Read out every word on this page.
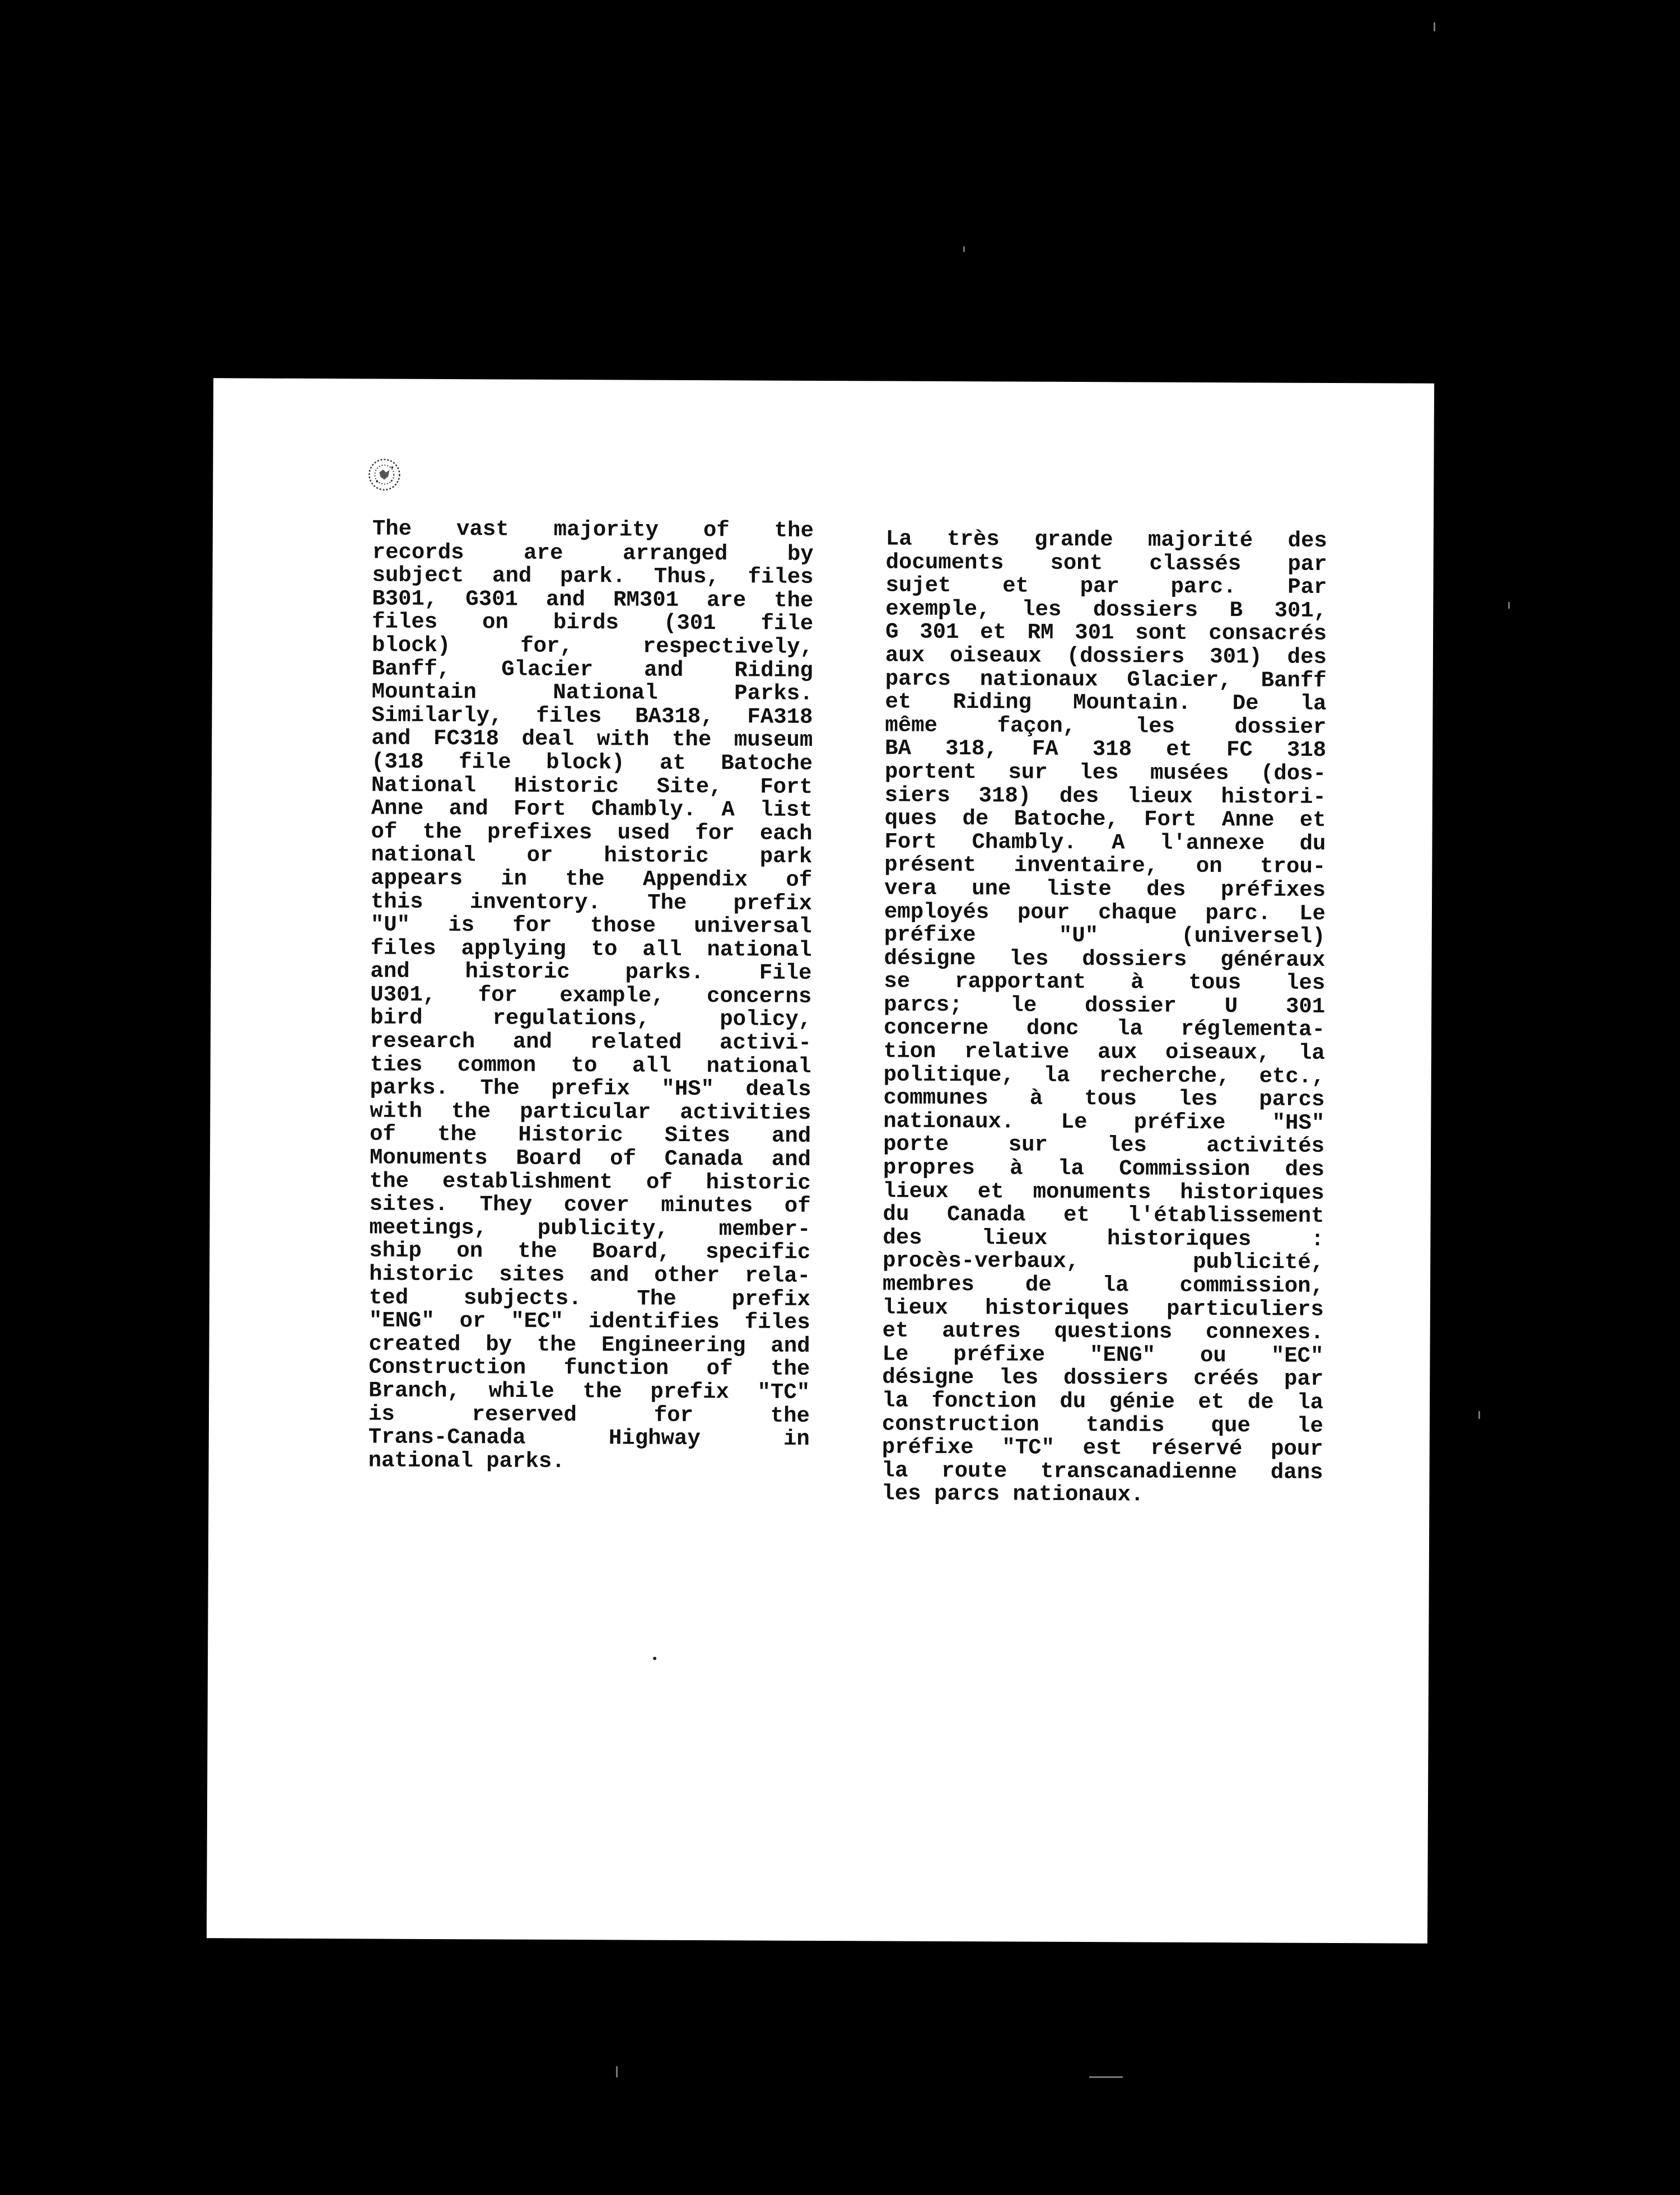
The vast majority of the
records are arranged by
subject and park. Thus, files
B301, G301 and RM301 are the
files on birds (301 file
block) for, respectively,
Banff, Glacier and Riding
Mountain National Parks.
Similarly, files BA318, FA318
and FC318 deal with the museum
(318 file block) at Batoche
National Historic Site, Fort
Anne and Fort Chambly. A list
of the prefixes used for each
national or historic park
appears in the Appendix of
this inventory. The prefix
"U" is for those universal
files applying to all national
and historic parks. File
U301, for example, concerns
bird regulations, policy,
research and related activi-
ties common to all national
parks. The prefix "HS" deals
with the particular activities
of the Historic Sites and
Monuments Board of Canada and
the establishment of historic
sites. They cover minutes of
meetings, publicity, member-
ship on the Board, specific
historic sites and other rela-
ted subjects. The prefix
"ENG" or "EC" identifies files
created by the Engineering and
Construction function of the
Branch, while the prefix "TC"
is reserved for the
Trans-Canada Highway in
national parks.
La très grande majorité des
documents sont classés par
sujet et par parc. Par
exemple, les dossiers B 301,
G 301 et RM 301 sont consacrés
aux oiseaux (dossiers 301) des
parcs nationaux Glacier, Banff
et Riding Mountain. De la
même façon, les dossier
BA 318, FA 318 et FC 318
portent sur les musées (dos-
siers 318) des lieux histori-
ques de Batoche, Fort Anne et
Fort Chambly. A l'annexe du
présent inventaire, on trou-
vera une liste des préfixes
employés pour chaque parc. Le
préfixe "U" (universel)
désigne les dossiers généraux
se rapportant à tous les
parcs; le dossier U 301
concerne donc la réglementa-
tion relative aux oiseaux, la
politique, la recherche, etc.,
communes à tous les parcs
nationaux. Le préfixe "HS"
porte sur les activités
propres à la Commission des
lieux et monuments historiques
du Canada et l'établissement
des lieux historiques :
procès-verbaux, publicité,
membres de la commission,
lieux historiques particuliers
et autres questions connexes.
Le préfixe "ENG" ou "EC"
désigne les dossiers créés par
la fonction du génie et de la
construction tandis que le
préfixe "TC" est réservé pour
la route transcanadienne dans
les parcs nationaux.
